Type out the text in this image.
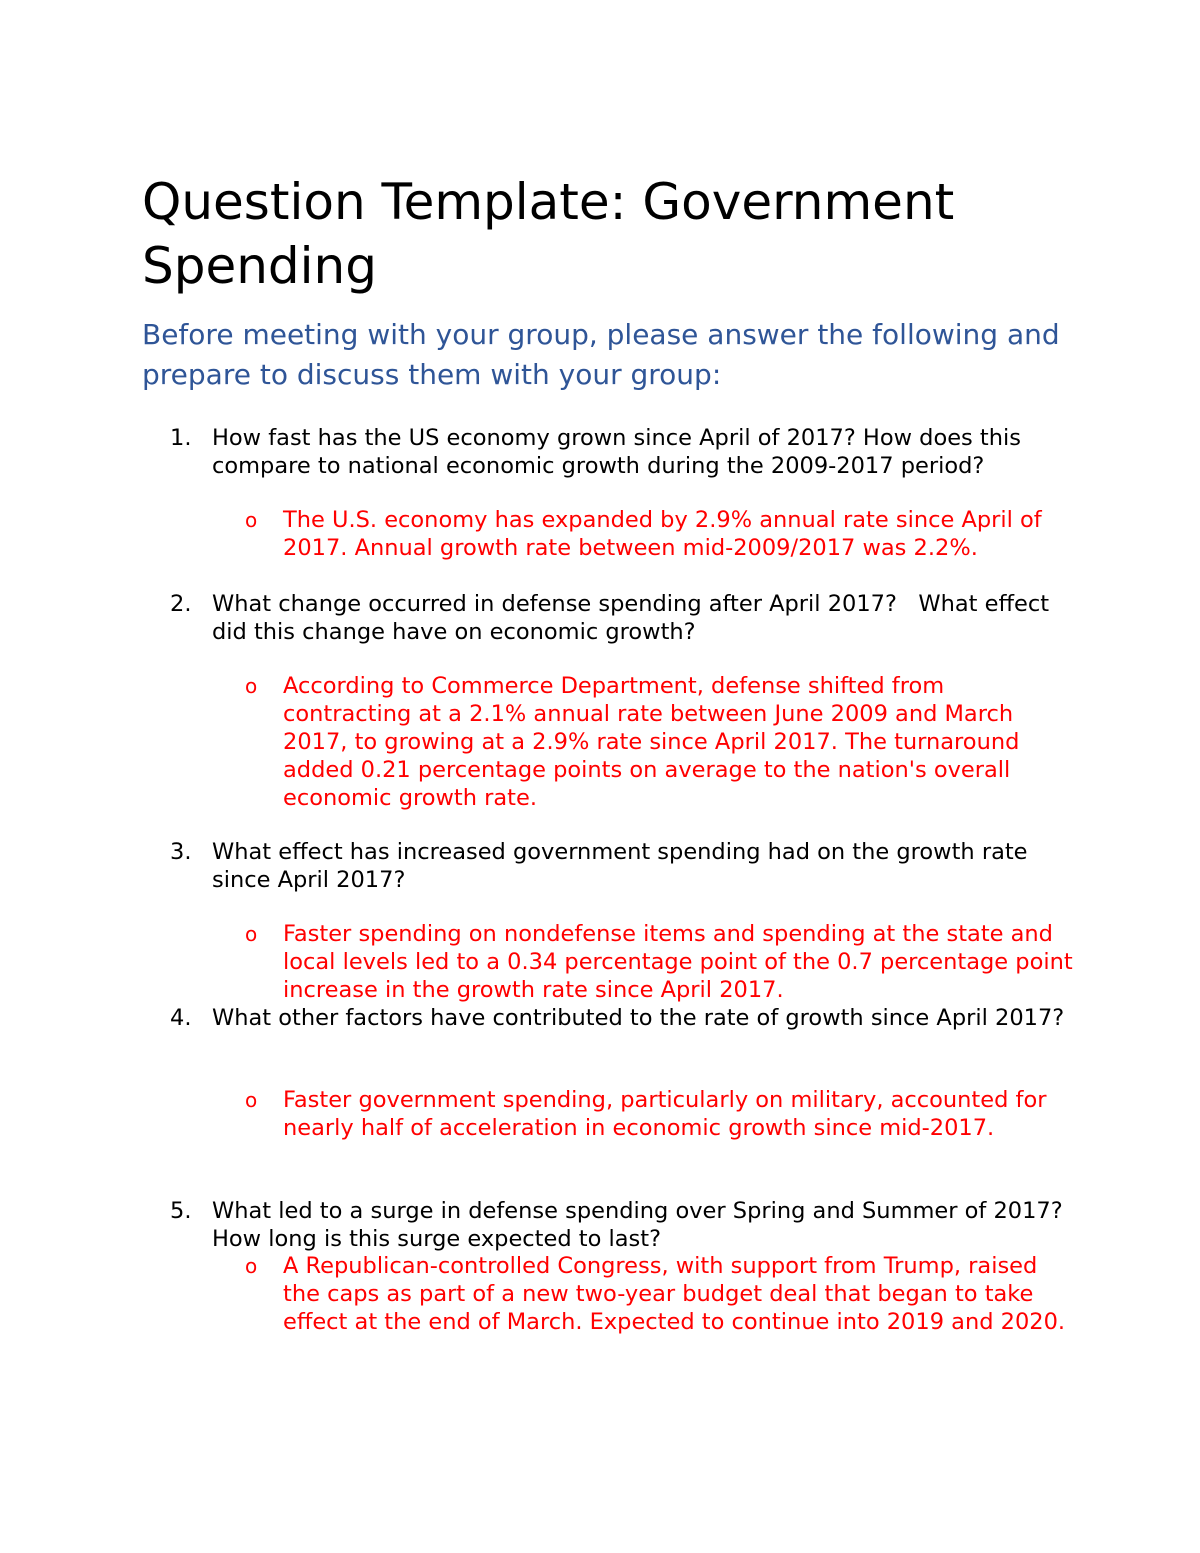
Question Template: Government Spending

Before meeting with your group, please answer the following and prepare to discuss them with your group:

1. How fast has the US economy grown since April of 2017? How does this compare to national economic growth during the 2009-2017 period?
o	The U.S. economy has expanded by 2.9% annual rate since April of 2017. Annual growth rate between mid-2009/2017 was 2.2%.
2. What change occurred in defense spending after April 2017?   What effect did this change have on economic growth?
o	According to Commerce Department, defense shifted from contracting at a 2.1% annual rate between June 2009 and March 2017, to growing at a 2.9% rate since April 2017. The turnaround added 0.21 percentage points on average to the nation's overall economic growth rate.
3. What effect has increased government spending had on the growth rate since April 2017?
o	Faster spending on nondefense items and spending at the state and local levels led to a 0.34 percentage point of the 0.7 percentage point increase in the growth rate since April 2017.
4. What other factors have contributed to the rate of growth since April 2017?
o	Faster government spending, particularly on military, accounted for nearly half of acceleration in economic growth since mid-2017.
5. What led to a surge in defense spending over Spring and Summer of 2017?   How long is this surge expected to last?
o	A Republican-controlled Congress, with support from Trump, raised the caps as part of a new two-year budget deal that began to take effect at the end of March. Expected to continue into 2019 and 2020.
